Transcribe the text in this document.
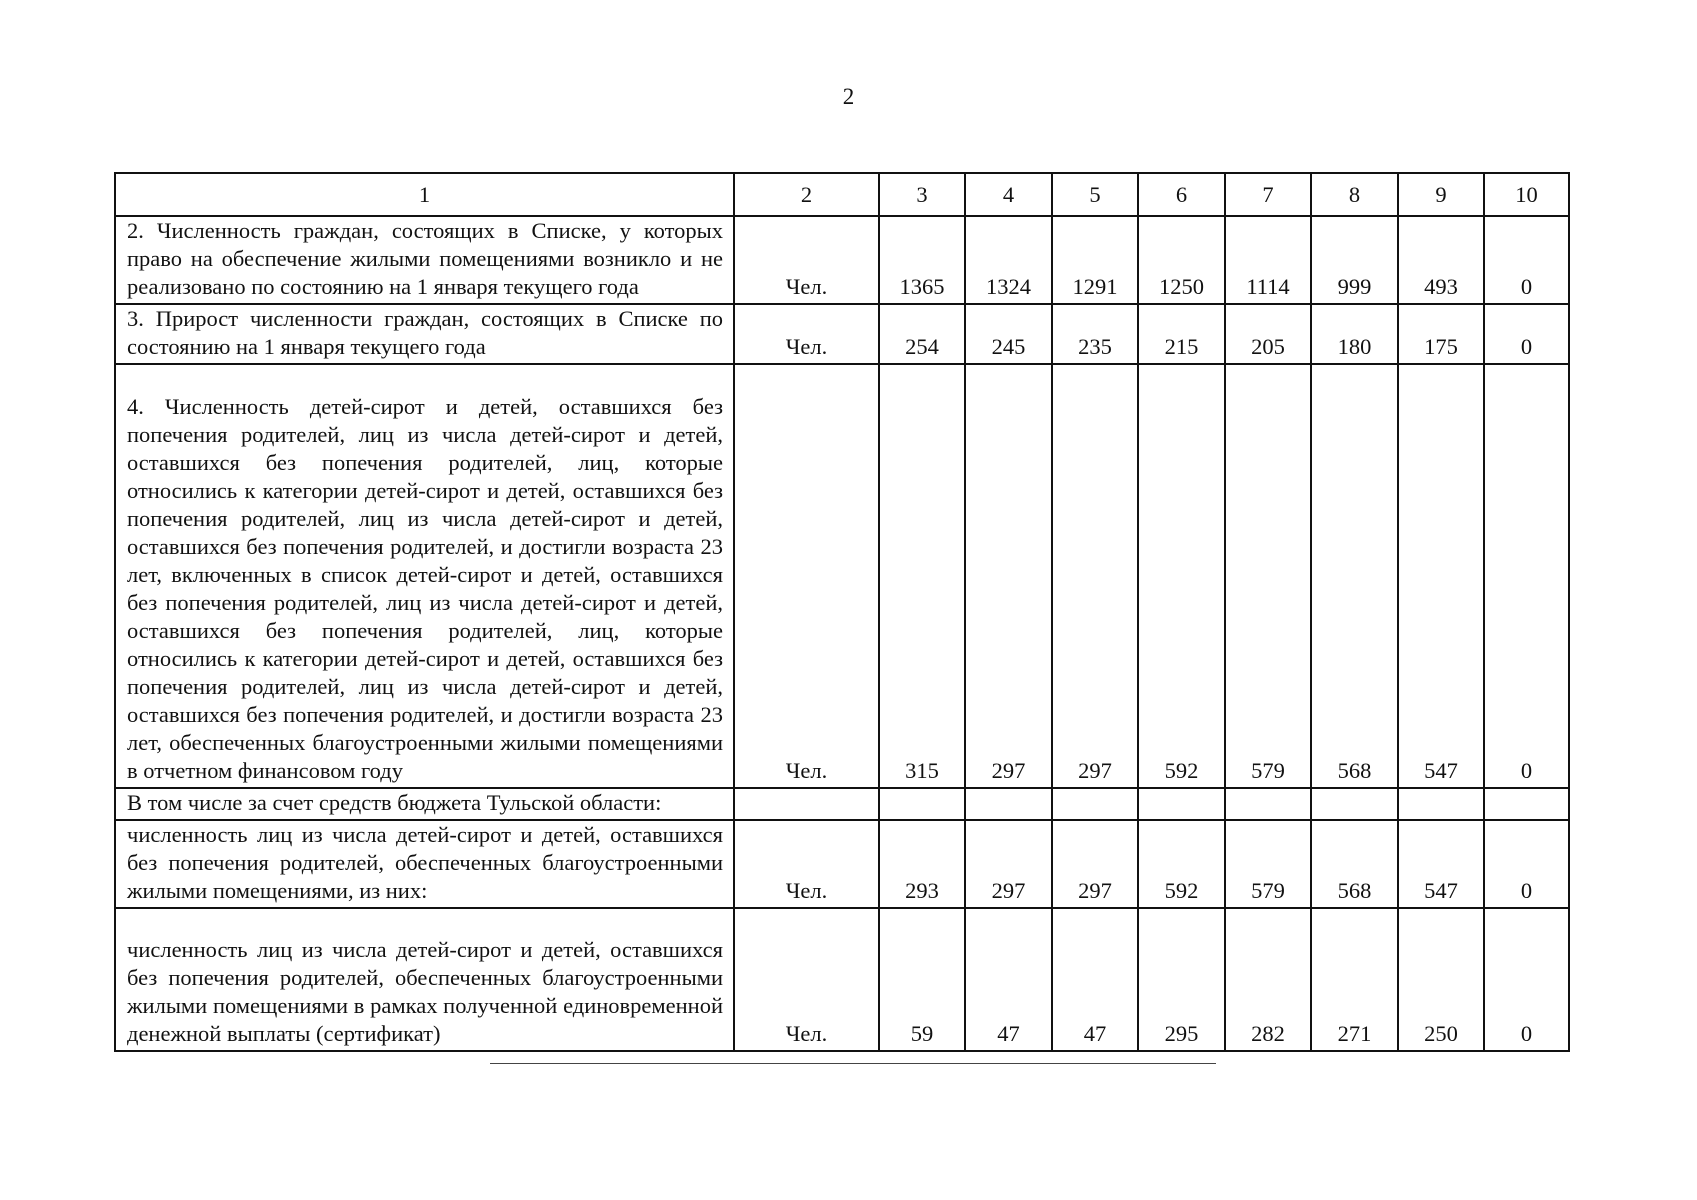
2
1	2	3	4	5	6	7	8	9	10
2. Численность граждан, состоящих в Списке, у которых право на обеспечение жилыми помещениями возникло и не реализовано по состоянию на 1 января текущего года	Чел.	1365	1324	1291	1250	1114	999	493	0
3. Прирост численности граждан, состоящих в Списке по состоянию на 1 января текущего года	Чел.	254	245	235	215	205	180	175	0
4. Численность детей-сирот и детей, оставшихся без попечения родителей, лиц из числа детей-сирот и детей, оставшихся без попечения родителей, лиц, которые относились к категории детей-сирот и детей, оставшихся без попечения родителей, лиц из числа детей-сирот и детей, оставшихся без попечения родителей, и достигли возраста 23 лет, включенных в список детей-сирот и детей, оставшихся без попечения родителей, лиц из числа детей-сирот и детей, оставшихся без попечения родителей, лиц, которые относились к категории детей-сирот и детей, оставшихся без попечения родителей, лиц из числа детей-сирот и детей, оставшихся без попечения родителей, и достигли возраста 23 лет, обеспеченных благоустроенными жилыми помещениями в отчетном финансовом году	Чел.	315	297	297	592	579	568	547	0
В том числе за счет средств бюджета Тульской области:									
численность лиц из числа детей-сирот и детей, оставшихся без попечения родителей, обеспеченных благоустроенными жилыми помещениями, из них:	Чел.	293	297	297	592	579	568	547	0
численность лиц из числа детей-сирот и детей, оставшихся без попечения родителей, обеспеченных благоустроенными жилыми помещениями в рамках полученной единовременной денежной выплаты (сертификат)	Чел.	59	47	47	295	282	271	250	0
